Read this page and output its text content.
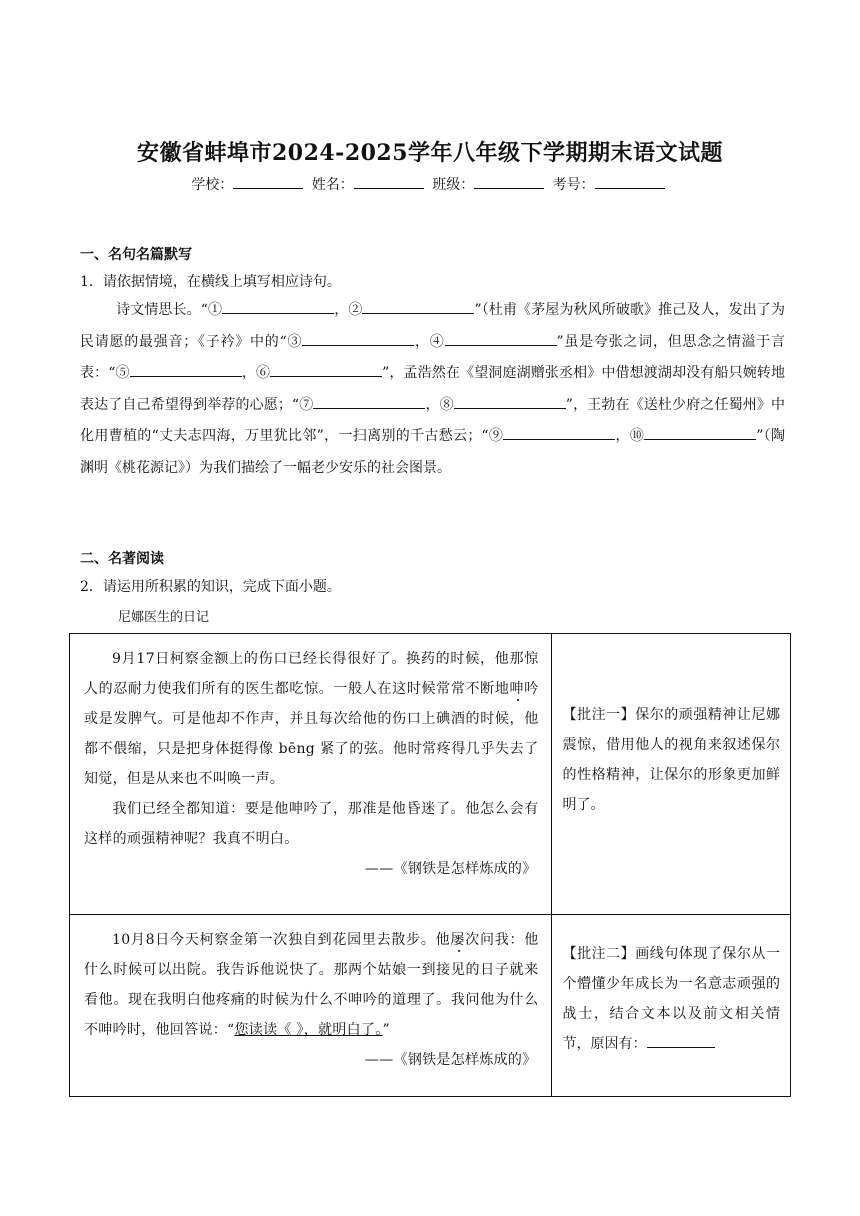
安徽省蚌埠市2024-2025学年八年级下学期期末语文试题
学校：	姓名：	班级：	考号：
一、名句名篇默写
1．请依据情境，在横线上填写相应诗句。
诗文情思长。“①	，②	”（杜甫《茅屋为秋风所破歌》推己及人，发出了为民请愿的最强音；《子衿》中的“③	，④	”虽是夸张之词，但思念之情溢于言表：“⑤	，⑥	”，孟浩然在《望洞庭湖赠张丞相》中借想渡湖却没有船只婉转地表达了自己希望得到举荐的心愿；“⑦	，⑧	”，王勃在《送杜少府之任蜀州》中化用曹植的“丈夫志四海，万里犹比邻”，一扫离别的千古愁云；“⑨	，⑩	”（陶渊明《桃花源记》）为我们描绘了一幅老少安乐的社会图景。
二、名著阅读
2．请运用所积累的知识，完成下面小题。
尼娜医生的日记
9月17日柯察金额上的伤口已经长得很好了。换药的时候，他那惊人的忍耐力使我们所有的医生都吃惊。一般人在这时候常常不断地呻吟或是发脾气。可是他却不作声，并且每次给他的伤口上碘酒的时候，他都不偎缩，只是把身体挺得像 bēng 紧了的弦。他时常疼得几乎失去了知觉，但是从来也不叫唤一声。
我们已经全都知道：要是他呻吟了，那准是他昏迷了。他怎么会有这样的顽强精神呢？我真不明白。
——《钢铁是怎样炼成的》	【批注一】保尔的顽强精神让尼娜震惊，借用他人的视角来叙述保尔的性格精神，让保尔的形象更加鲜明了。

10月8日今天柯察金第一次独自到花园里去散步。他屡次问我：他什么时候可以出院。我告诉他说快了。那两个姑娘一到接见的日子就来看他。现在我明白他疼痛的时候为什么不呻吟的道理了。我问他为什么不呻吟时，他回答说：“您读读《 》，就明白了。”
——《钢铁是怎样炼成的》	【批注二】画线句体现了保尔从一个懵懂少年成长为一名意志顽强的战士，结合文本以及前文相关情节，原因有：
